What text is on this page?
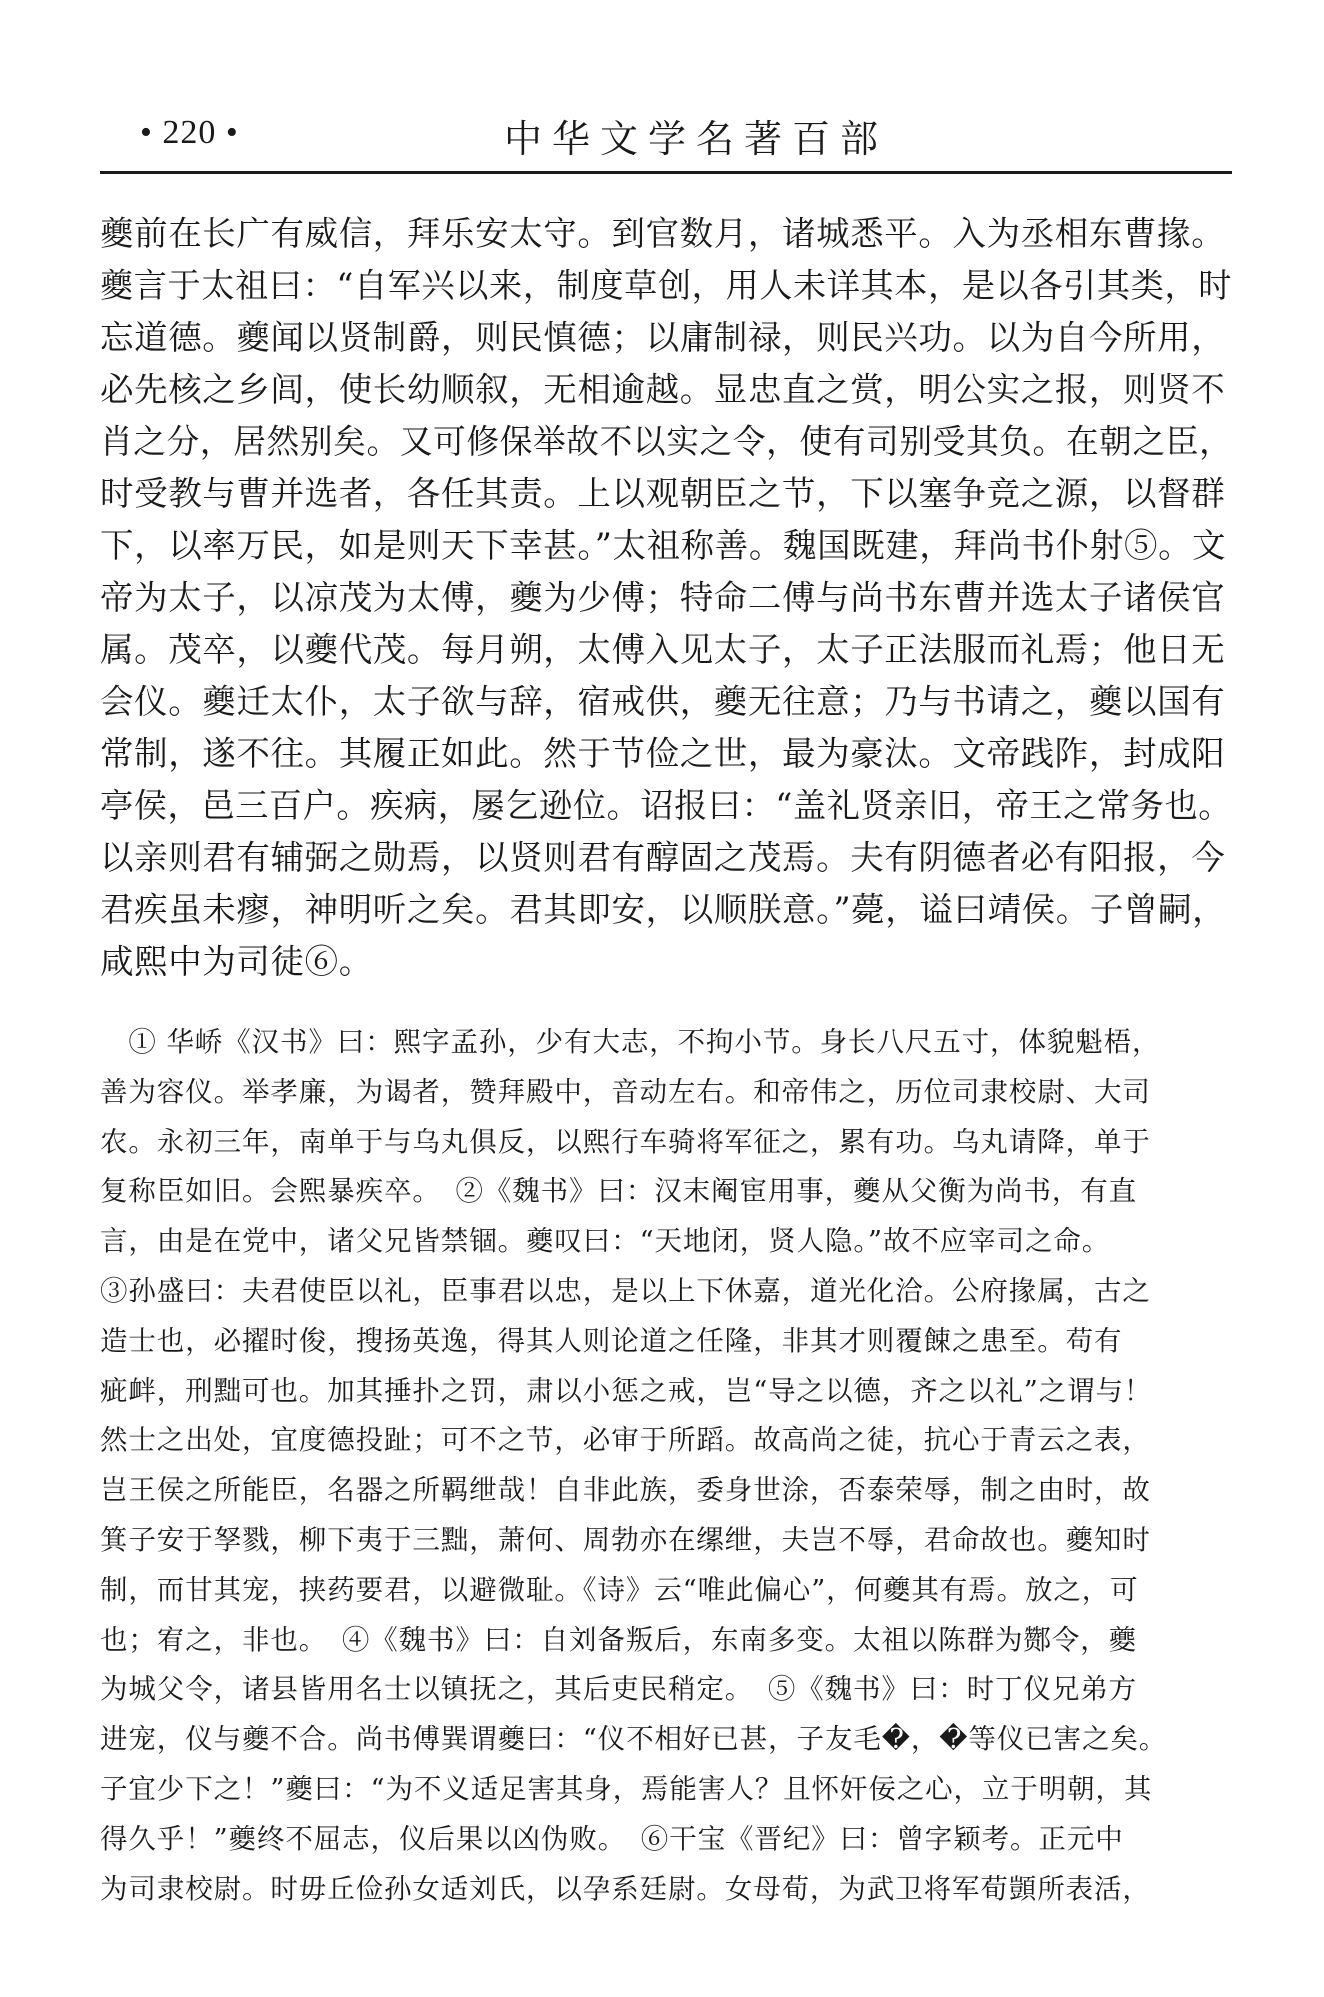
• 220 •	中华文学名著百部
夔前在长广有威信，拜乐安太守。到官数月，诸城悉平。入为丞相东曹掾。
夔言于太祖曰：“自军兴以来，制度草创，用人未详其本，是以各引其类，时
忘道德。夔闻以贤制爵，则民慎德；以庸制禄，则民兴功。以为自今所用，
必先核之乡闾，使长幼顺叙，无相逾越。显忠直之赏，明公实之报，则贤不
肖之分，居然别矣。又可修保举故不以实之令，使有司别受其负。在朝之臣，
时受教与曹并选者，各任其责。上以观朝臣之节，下以塞争竞之源，以督群
下，以率万民，如是则天下幸甚。”太祖称善。魏国既建，拜尚书仆射⑤。文
帝为太子，以凉茂为太傅，夔为少傅；特命二傅与尚书东曹并选太子诸侯官
属。茂卒，以夔代茂。每月朔，太傅入见太子，太子正法服而礼焉；他日无
会仪。夔迁太仆，太子欲与辞，宿戒供，夔无往意；乃与书请之，夔以国有
常制，遂不往。其履正如此。然于节俭之世，最为豪汰。文帝践阼，封成阳
亭侯，邑三百户。疾病，屡乞逊位。诏报曰：“盖礼贤亲旧，帝王之常务也。
以亲则君有辅弼之勋焉，以贤则君有醇固之茂焉。夫有阴德者必有阳报，今
君疾虽未瘳，神明听之矣。君其即安，以顺朕意。”薨，谥曰靖侯。子曾嗣，
咸熙中为司徒⑥。
　① 华峤《汉书》曰：熙字孟孙，少有大志，不拘小节。身长八尺五寸，体貌魁梧，
善为容仪。举孝廉，为谒者，赞拜殿中，音动左右。和帝伟之，历位司隶校尉、大司
农。永初三年，南单于与乌丸俱反，以熙行车骑将军征之，累有功。乌丸请降，单于
复称臣如旧。会熙暴疾卒。　②《魏书》曰：汉末阉宦用事，夔从父衡为尚书，有直
言，由是在党中，诸父兄皆禁锢。夔叹曰：“天地闭，贤人隐。”故不应宰司之命。
③孙盛曰：夫君使臣以礼，臣事君以忠，是以上下休嘉，道光化洽。公府掾属，古之
造士也，必擢时俊，搜扬英逸，得其人则论道之任隆，非其才则覆餗之患至。苟有
疵衅，刑黜可也。加其捶扑之罚，肃以小惩之戒，岂“导之以德，齐之以礼”之谓与！
然士之出处，宜度德投趾；可不之节，必审于所蹈。故高尚之徒，抗心于青云之表，
岂王侯之所能臣，名器之所羁绁哉！自非此族，委身世涂，否泰荣辱，制之由时，故
箕子安于孥戮，柳下夷于三黜，萧何、周勃亦在缧绁，夫岂不辱，君命故也。夔知时
制，而甘其宠，挟药要君，以避微耻。《诗》云“唯此偏心”，何夔其有焉。放之，可
也；宥之，非也。　④《魏书》曰：自刘备叛后，东南多变。太祖以陈群为酂令，夔
为城父令，诸县皆用名士以镇抚之，其后吏民稍定。　⑤《魏书》曰：时丁仪兄弟方
进宠，仪与夔不合。尚书傅巽谓夔曰：“仪不相好已甚，子友毛�，�等仪已害之矣。
子宜少下之！”夔曰：“为不义适足害其身，焉能害人？且怀奸佞之心，立于明朝，其
得久乎！”夔终不屈志，仪后果以凶伪败。　⑥干宝《晋纪》曰：曾字颖考。正元中
为司隶校尉。时毋丘俭孙女适刘氏，以孕系廷尉。女母荀，为武卫将军荀顗所表活，
